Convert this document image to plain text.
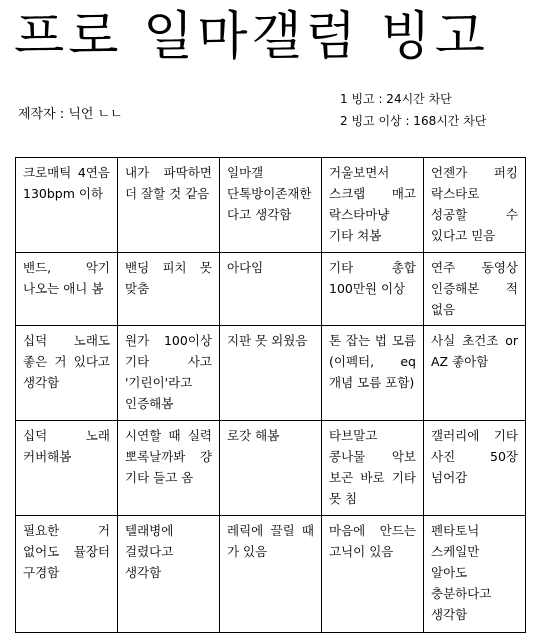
프로 일마갤럼 빙고
제작자 : 닉언 ㄴㄴ
1 빙고 : 24시간 차단
2 빙고 이상 : 168시간 차단
크로매틱 4연음 130bpm 이하	내가 파딱하면 더 잘할 것 같음	일마갤 단톡방이존재한다고 생각함	거울보면서 스크랩 매고 락스타마냥 기타 쳐봄	언젠가 퍼킹 락스타로 성공할 수 있다고 믿음
밴드, 악기 나오는 애니 봄	밴딩 피치 못 맞춤	아다임	기타 총합 100만원 이상	연주 동영상 인증해본 적 없음
십덕 노래도 좋은 거 있다고 생각함	원가 100이상 기타 사고 '기린이'라고 인증해봄	지판 못 외웠음	톤 잡는 법 모름 (이펙터, eq 개념 모름 포함)	사실 초건조 or AZ 좋아함
십덕 노래 커버해봄	시연할 때 실력 뽀록날까봐 걍 기타 들고 옴	로갓 해봄	타브말고 콩나물 악보 보곤 바로 기타 못 침	갤러리에 기타 사진 50장 넘어감
필요한 거 없어도 뮬장터 구경함	텔래병에 걸렸다고 생각함	레릭에 끌릴 때 가 있음	마음에 안드는 고닉이 있음	펜타토닉 스케일만 알아도 충분하다고 생각함
